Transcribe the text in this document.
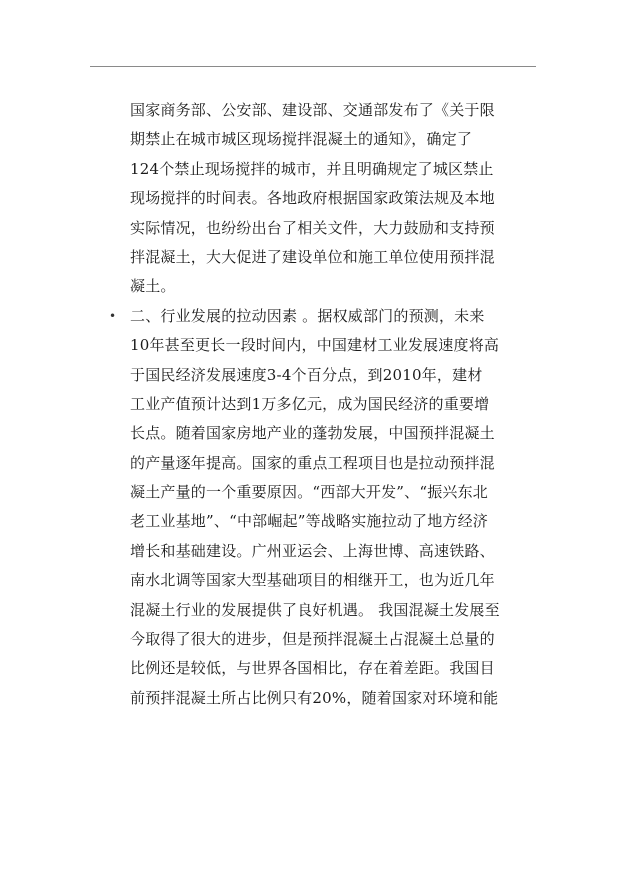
国家商务部、公安部、建设部、交通部发布了《关于限
期禁止在城市城区现场搅拌混凝土的通知》，确定了
124个禁止现场搅拌的城市，并且明确规定了城区禁止
现场搅拌的时间表。各地政府根据国家政策法规及本地
实际情况，也纷纷出台了相关文件，大力鼓励和支持预
拌混凝土，大大促进了建设单位和施工单位使用预拌混
凝土。

• 二、行业发展的拉动因素 。据权威部门的预测，未来
10年甚至更长一段时间内，中国建材工业发展速度将高
于国民经济发展速度3-4个百分点，到2010年，建材
工业产值预计达到1万多亿元，成为国民经济的重要增
长点。随着国家房地产业的蓬勃发展，中国预拌混凝土
的产量逐年提高。国家的重点工程项目也是拉动预拌混
凝土产量的一个重要原因。“西部大开发”、“振兴东北
老工业基地”、“中部崛起”等战略实施拉动了地方经济
增长和基础建设。广州亚运会、上海世博、高速铁路、
南水北调等国家大型基础项目的相继开工，也为近几年
混凝土行业的发展提供了良好机遇。 我国混凝土发展至
今取得了很大的进步，但是预拌混凝土占混凝土总量的
比例还是较低，与世界各国相比，存在着差距。我国目
前预拌混凝土所占比例只有20%，随着国家对环境和能
